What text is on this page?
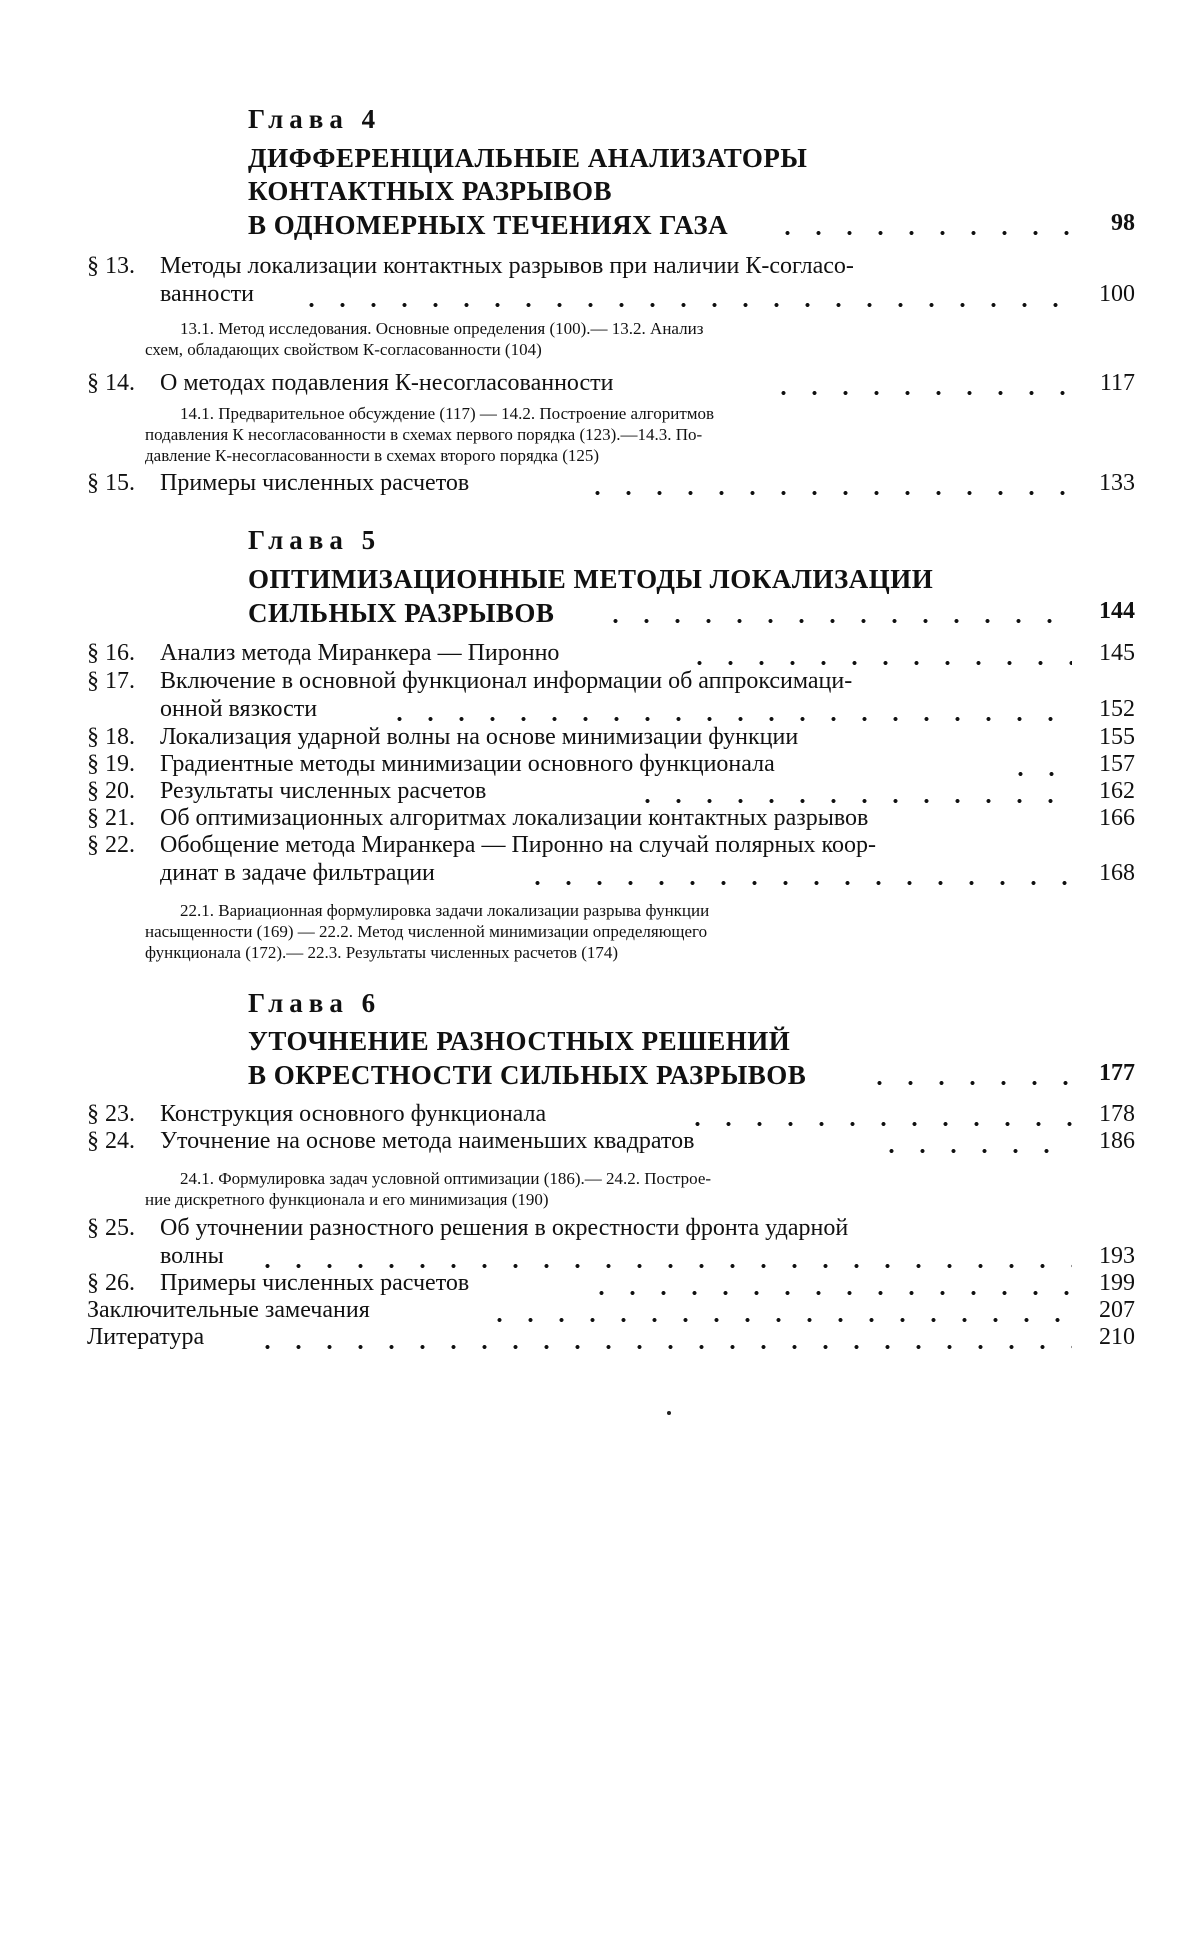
Глава 4
ДИФФЕРЕНЦИАЛЬНЫЕ АНАЛИЗАТОРЫ
КОНТАКТНЫХ РАЗРЫВОВ
В ОДНОМЕРНЫХ ТЕЧЕНИЯХ ГАЗА	98
§ 13. Методы локализации контактных разрывов при наличии К-согласо-
ванности	100
13.1. Метод исследования. Основные определения (100).— 13.2. Анализ
схем, обладающих свойством К-согласованности (104)
§ 14. О методах подавления К-несогласованности	117
14.1. Предварительное обсуждение (117) — 14.2. Построение алгоритмов
подавления К несогласованности в схемах первого порядка (123).—14.3. По-
давление К-несогласованности в схемах второго порядка (125)
§ 15. Примеры численных расчетов	133
Глава 5
ОПТИМИЗАЦИОННЫЕ МЕТОДЫ ЛОКАЛИЗАЦИИ
СИЛЬНЫХ РАЗРЫВОВ	144
§ 16. Анализ метода Миранкера — Пиронно	145
§ 17. Включение в основной функционал информации об аппроксимаци-
онной вязкости	152
§ 18. Локализация ударной волны на основе минимизации функции	155
§ 19. Градиентные методы минимизации основного функционала	157
§ 20. Результаты численных расчетов	162
§ 21. Об оптимизационных алгоритмах локализации контактных разрывов	166
§ 22. Обобщение метода Миранкера — Пиронно на случай полярных коор-
динат в задаче фильтрации	168
22.1. Вариационная формулировка задачи локализации разрыва функции
насыщенности (169) — 22.2. Метод численной минимизации определяющего
функционала (172).— 22.3. Результаты численных расчетов (174)
Глава 6
УТОЧНЕНИЕ РАЗНОСТНЫХ РЕШЕНИЙ
В ОКРЕСТНОСТИ СИЛЬНЫХ РАЗРЫВОВ	177
§ 23. Конструкция основного функционала	178
§ 24. Уточнение на основе метода наименьших квадратов	186
24.1. Формулировка задач условной оптимизации (186).— 24.2. Построе-
ние дискретного функционала и его минимизация (190)
§ 25. Об уточнении разностного решения в окрестности фронта ударной
волны	193
§ 26. Примеры численных расчетов	199
Заключительные замечания	207
Литература	210
